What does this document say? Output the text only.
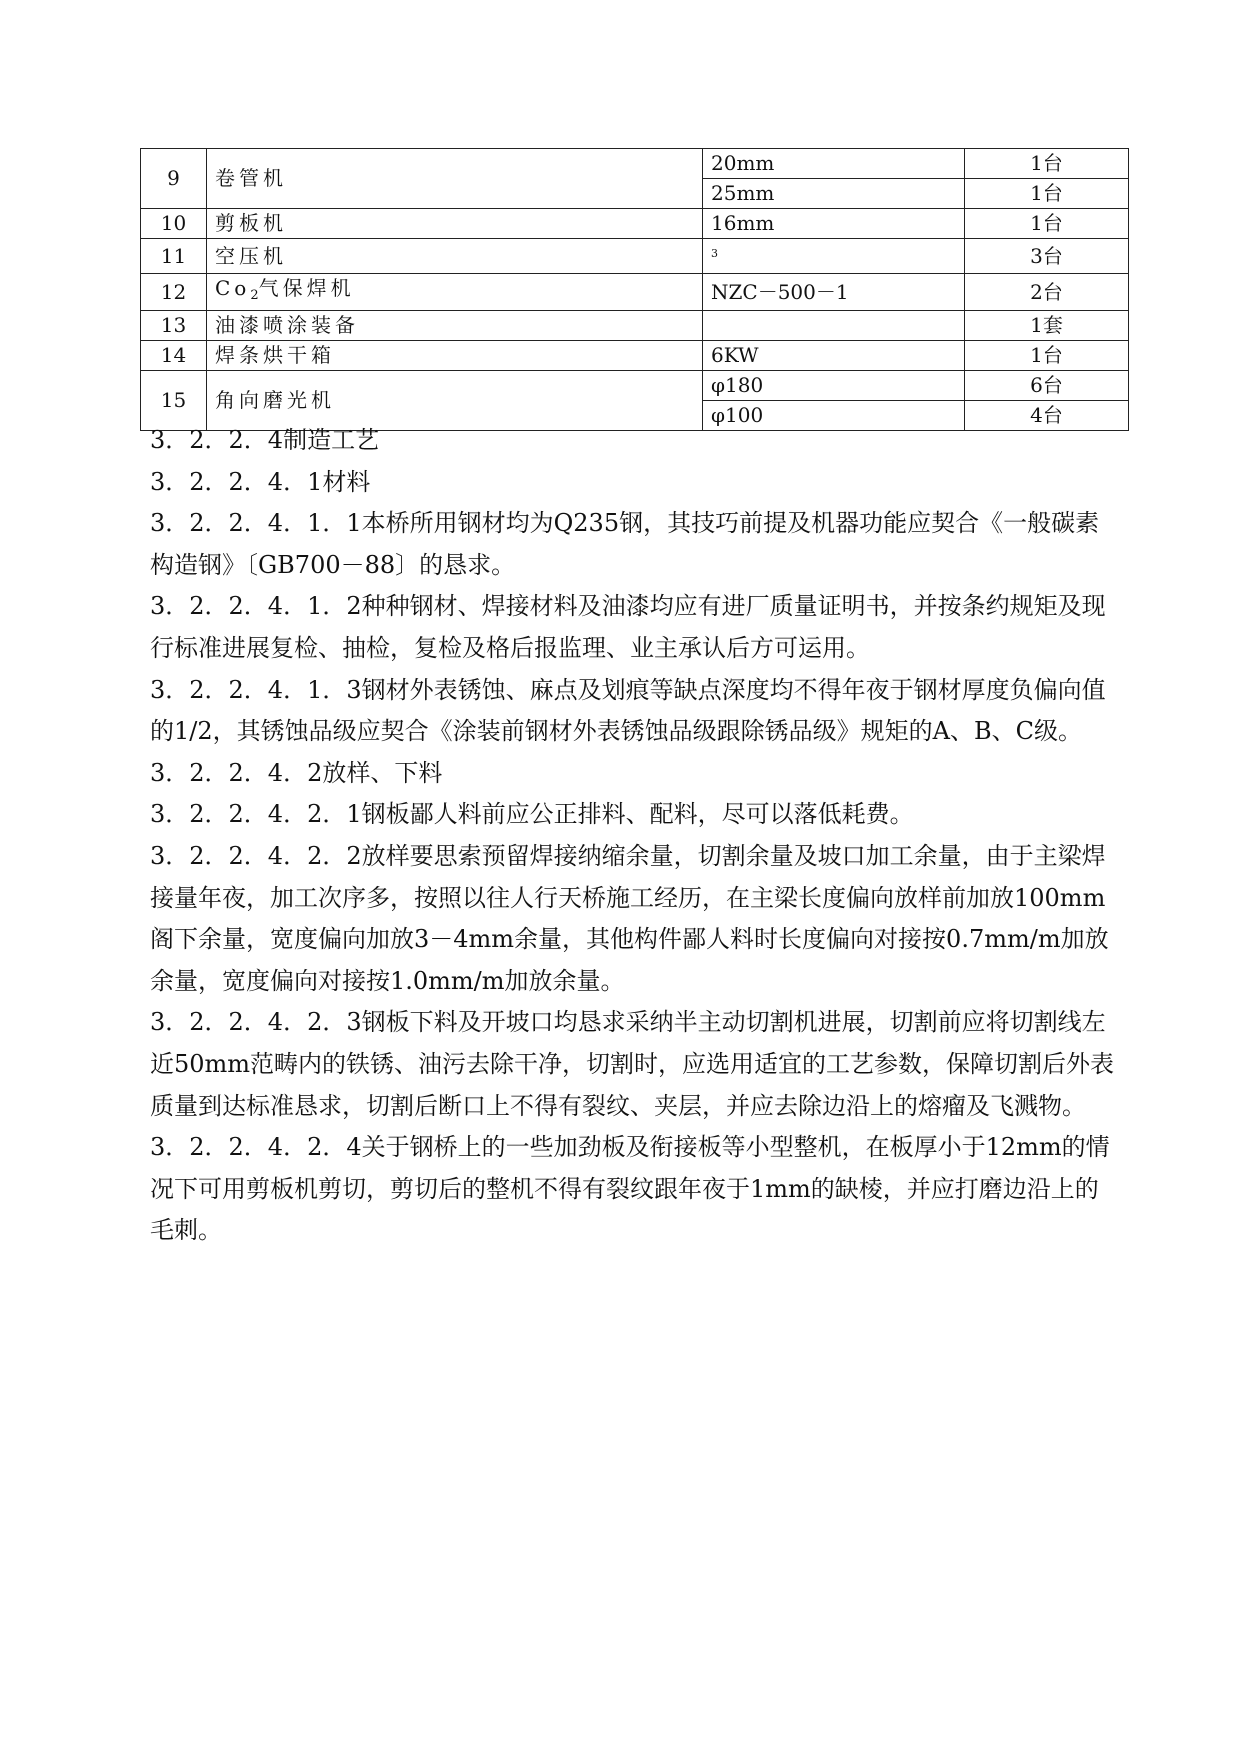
9	卷管机	20mm	1台
		25mm	1台
10	剪板机	16mm	1台
11	空压机	$^3$	3台
12	$Co_2$气保焊机	NZC－500－1	2台
13	油漆喷涂装备		1套
14	焊条烘干箱	6KW	1台
15	角向磨光机	φ180	6台
		φ100	4台

3．2．2．4制造工艺

3．2．2．4．1材料

3．2．2．4．1．1本桥所用钢材均为Q235钢，其技巧前提及机器功能应契合《一般碳素构造钢》〔GB700－88〕的恳求。

3．2．2．4．1．2种种钢材、焊接材料及油漆均应有进厂质量证明书，并按条约规矩及现行标准进展复检、抽检，复检及格后报监理、业主承认后方可运用。

3．2．2．4．1．3钢材外表锈蚀、麻点及划痕等缺点深度均不得年夜于钢材厚度负偏向值的1/2，其锈蚀品级应契合《涂装前钢材外表锈蚀品级跟除锈品级》规矩的A、B、C级。

3．2．2．4．2放样、下料

3．2．2．4．2．1钢板鄙人料前应公正排料、配料，尽可以落低耗费。

3．2．2．4．2．2放样要思索预留焊接纳缩余量，切割余量及坡口加工余量，由于主梁焊接量年夜，加工次序多，按照以往人行天桥施工经历，在主梁长度偏向放样前加放100mm阁下余量，宽度偏向加放3－4mm余量，其他构件鄙人料时长度偏向对接按0.7mm/m加放余量，宽度偏向对接按1.0mm/m加放余量。

3．2．2．4．2．3钢板下料及开坡口均恳求采纳半主动切割机进展，切割前应将切割线左近50mm范畴内的铁锈、油污去除干净，切割时，应选用适宜的工艺参数，保障切割后外表质量到达标准恳求，切割后断口上不得有裂纹、夹层，并应去除边沿上的熔瘤及飞溅物。

3．2．2．4．2．4关于钢桥上的一些加劲板及衔接板等小型整机，在板厚小于12mm的情况下可用剪板机剪切，剪切后的整机不得有裂纹跟年夜于1mm的缺棱，并应打磨边沿上的毛刺。
